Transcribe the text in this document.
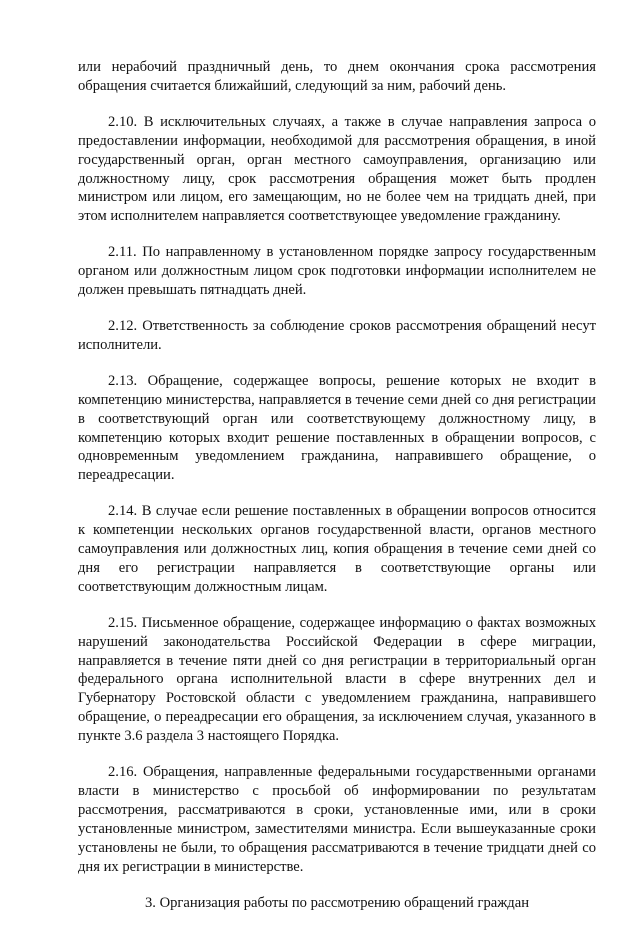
или нерабочий праздничный день, то днем окончания срока рассмотрения обращения считается ближайший, следующий за ним, рабочий день.

2.10. В исключительных случаях, а также в случае направления запроса о предоставлении информации, необходимой для рассмотрения обращения, в иной государственный орган, орган местного самоуправления, организацию или должностному лицу, срок рассмотрения обращения может быть продлен министром или лицом, его замещающим, но не более чем на тридцать дней, при этом исполнителем направляется соответствующее уведомление гражданину.

2.11. По направленному в установленном порядке запросу государственным органом или должностным лицом срок подготовки информации исполнителем не должен превышать пятнадцать дней.

2.12. Ответственность за соблюдение сроков рассмотрения обращений несут исполнители.

2.13. Обращение, содержащее вопросы, решение которых не входит в компетенцию министерства, направляется в течение семи дней со дня регистрации в соответствующий орган или соответствующему должностному лицу, в компетенцию которых входит решение поставленных в обращении вопросов, с одновременным уведомлением гражданина, направившего обращение, о переадресации.

2.14. В случае если решение поставленных в обращении вопросов относится к компетенции нескольких органов государственной власти, органов местного самоуправления или должностных лиц, копия обращения в течение семи дней со дня его регистрации направляется в соответствующие органы или соответствующим должностным лицам.

2.15. Письменное обращение, содержащее информацию о фактах возможных нарушений законодательства Российской Федерации в сфере миграции, направляется в течение пяти дней со дня регистрации в территориальный орган федерального органа исполнительной власти в сфере внутренних дел и Губернатору Ростовской области с уведомлением гражданина, направившего обращение, о переадресации его обращения, за исключением случая, указанного в пункте 3.6 раздела 3 настоящего Порядка.

2.16. Обращения, направленные федеральными государственными органами власти в министерство с просьбой об информировании по результатам рассмотрения, рассматриваются в сроки, установленные ими, или в сроки установленные министром, заместителями министра. Если вышеуказанные сроки установлены не были, то обращения рассматриваются в течение тридцати дней со дня их регистрации в министерстве.

3. Организация работы по рассмотрению обращений граждан
